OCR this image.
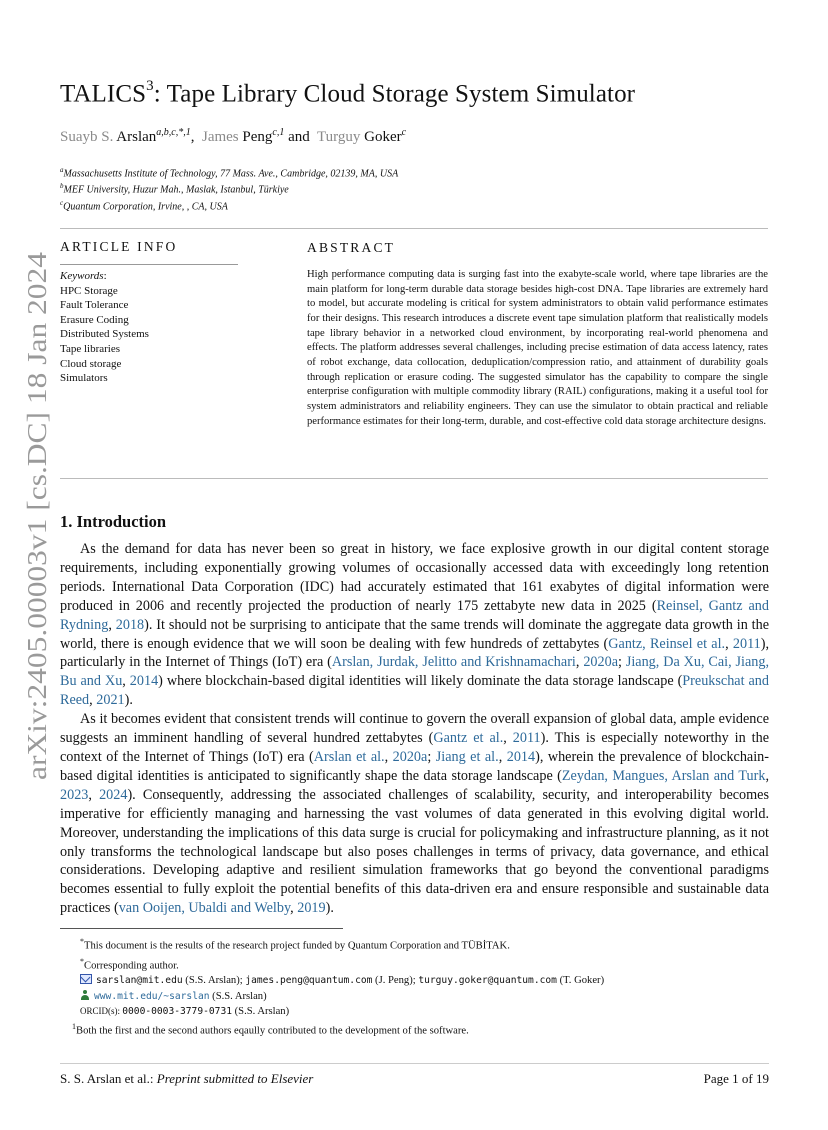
arXiv:2405.00003v1 [cs.DC] 18 Jan 2024
TALICS$^3$: Tape Library Cloud Storage System Simulator
Suayb S. Arslan$^{a,b,c,*,1}$, James Peng$^{c,1}$ and Turguy Goker$^c$
$^a$Massachusetts Institute of Technology, 77 Mass. Ave., Cambridge, 02139, MA, USA
$^b$MEF University, Huzur Mah., Maslak, Istanbul, Türkiye
$^c$Quantum Corporation, Irvine, , CA, USA
ARTICLE INFO	ABSTRACT
Keywords:
HPC Storage
Fault Tolerance
Erasure Coding
Distributed Systems
Tape libraries
Cloud storage
Simulators
High performance computing data is surging fast into the exabyte-scale world, where tape libraries are the main platform for long-term durable data storage besides high-cost DNA. Tape libraries are extremely hard to model, but accurate modeling is critical for system administrators to obtain valid performance estimates for their designs. This research introduces a discrete event tape simulation platform that realistically models tape library behavior in a networked cloud environment, by incorporating real-world phenomena and effects. The platform addresses several challenges, including precise estimation of data access latency, rates of robot exchange, data collocation, deduplication/compression ratio, and attainment of durability goals through replication or erasure coding. The suggested simulator has the capability to compare the single enterprise configuration with multiple commodity library (RAIL) configurations, making it a useful tool for system administrators and reliability engineers. They can use the simulator to obtain practical and reliable performance estimates for their long-term, durable, and cost-effective cold data storage architecture designs.
1. Introduction

As the demand for data has never been so great in history, we face explosive growth in our digital content storage requirements, including exponentially growing volumes of occasionally accessed data with exceedingly long retention periods. International Data Corporation (IDC) had accurately estimated that 161 exabytes of digital information were produced in 2006 and recently projected the production of nearly 175 zettabyte new data in 2025 (Reinsel, Gantz and Rydning, 2018). It should not be surprising to anticipate that the same trends will dominate the aggregate data growth in the world, there is enough evidence that we will soon be dealing with few hundreds of zettabytes (Gantz, Reinsel et al., 2011), particularly in the Internet of Things (IoT) era (Arslan, Jurdak, Jelitto and Krishnamachari, 2020a; Jiang, Da Xu, Cai, Jiang, Bu and Xu, 2014) where blockchain-based digital identities will likely dominate the data storage landscape (Preukschat and Reed, 2021).

As it becomes evident that consistent trends will continue to govern the overall expansion of global data, ample evidence suggests an imminent handling of several hundred zettabytes (Gantz et al., 2011). This is especially noteworthy in the context of the Internet of Things (IoT) era (Arslan et al., 2020a; Jiang et al., 2014), wherein the prevalence of blockchain-based digital identities is anticipated to significantly shape the data storage landscape (Zeydan, Mangues, Arslan and Turk, 2023, 2024). Consequently, addressing the associated challenges of scalability, security, and interoperability becomes imperative for efficiently managing and harnessing the vast volumes of data generated in this evolving digital world. Moreover, understanding the implications of this data surge is crucial for policymaking and infrastructure planning, as it not only transforms the technological landscape but also poses challenges in terms of privacy, data governance, and ethical considerations. Developing adaptive and resilient simulation frameworks that go beyond the conventional paradigms becomes essential to fully exploit the potential benefits of this data-driven era and ensure responsible and sustainable data practices (van Ooijen, Ubaldi and Welby, 2019).

*This document is the results of the research project funded by Quantum Corporation and TÜBİTAK.
*Corresponding author.
sarslan@mit.edu (S.S. Arslan); james.peng@quantum.com (J. Peng); turguy.goker@quantum.com (T. Goker)
www.mit.edu/~sarslan (S.S. Arslan)
ORCID(s): 0000-0003-3779-0731 (S.S. Arslan)
$^1$Both the first and the second authors eqaully contributed to the development of the software.
S. S. Arslan et al.: Preprint submitted to Elsevier	Page 1 of 19
